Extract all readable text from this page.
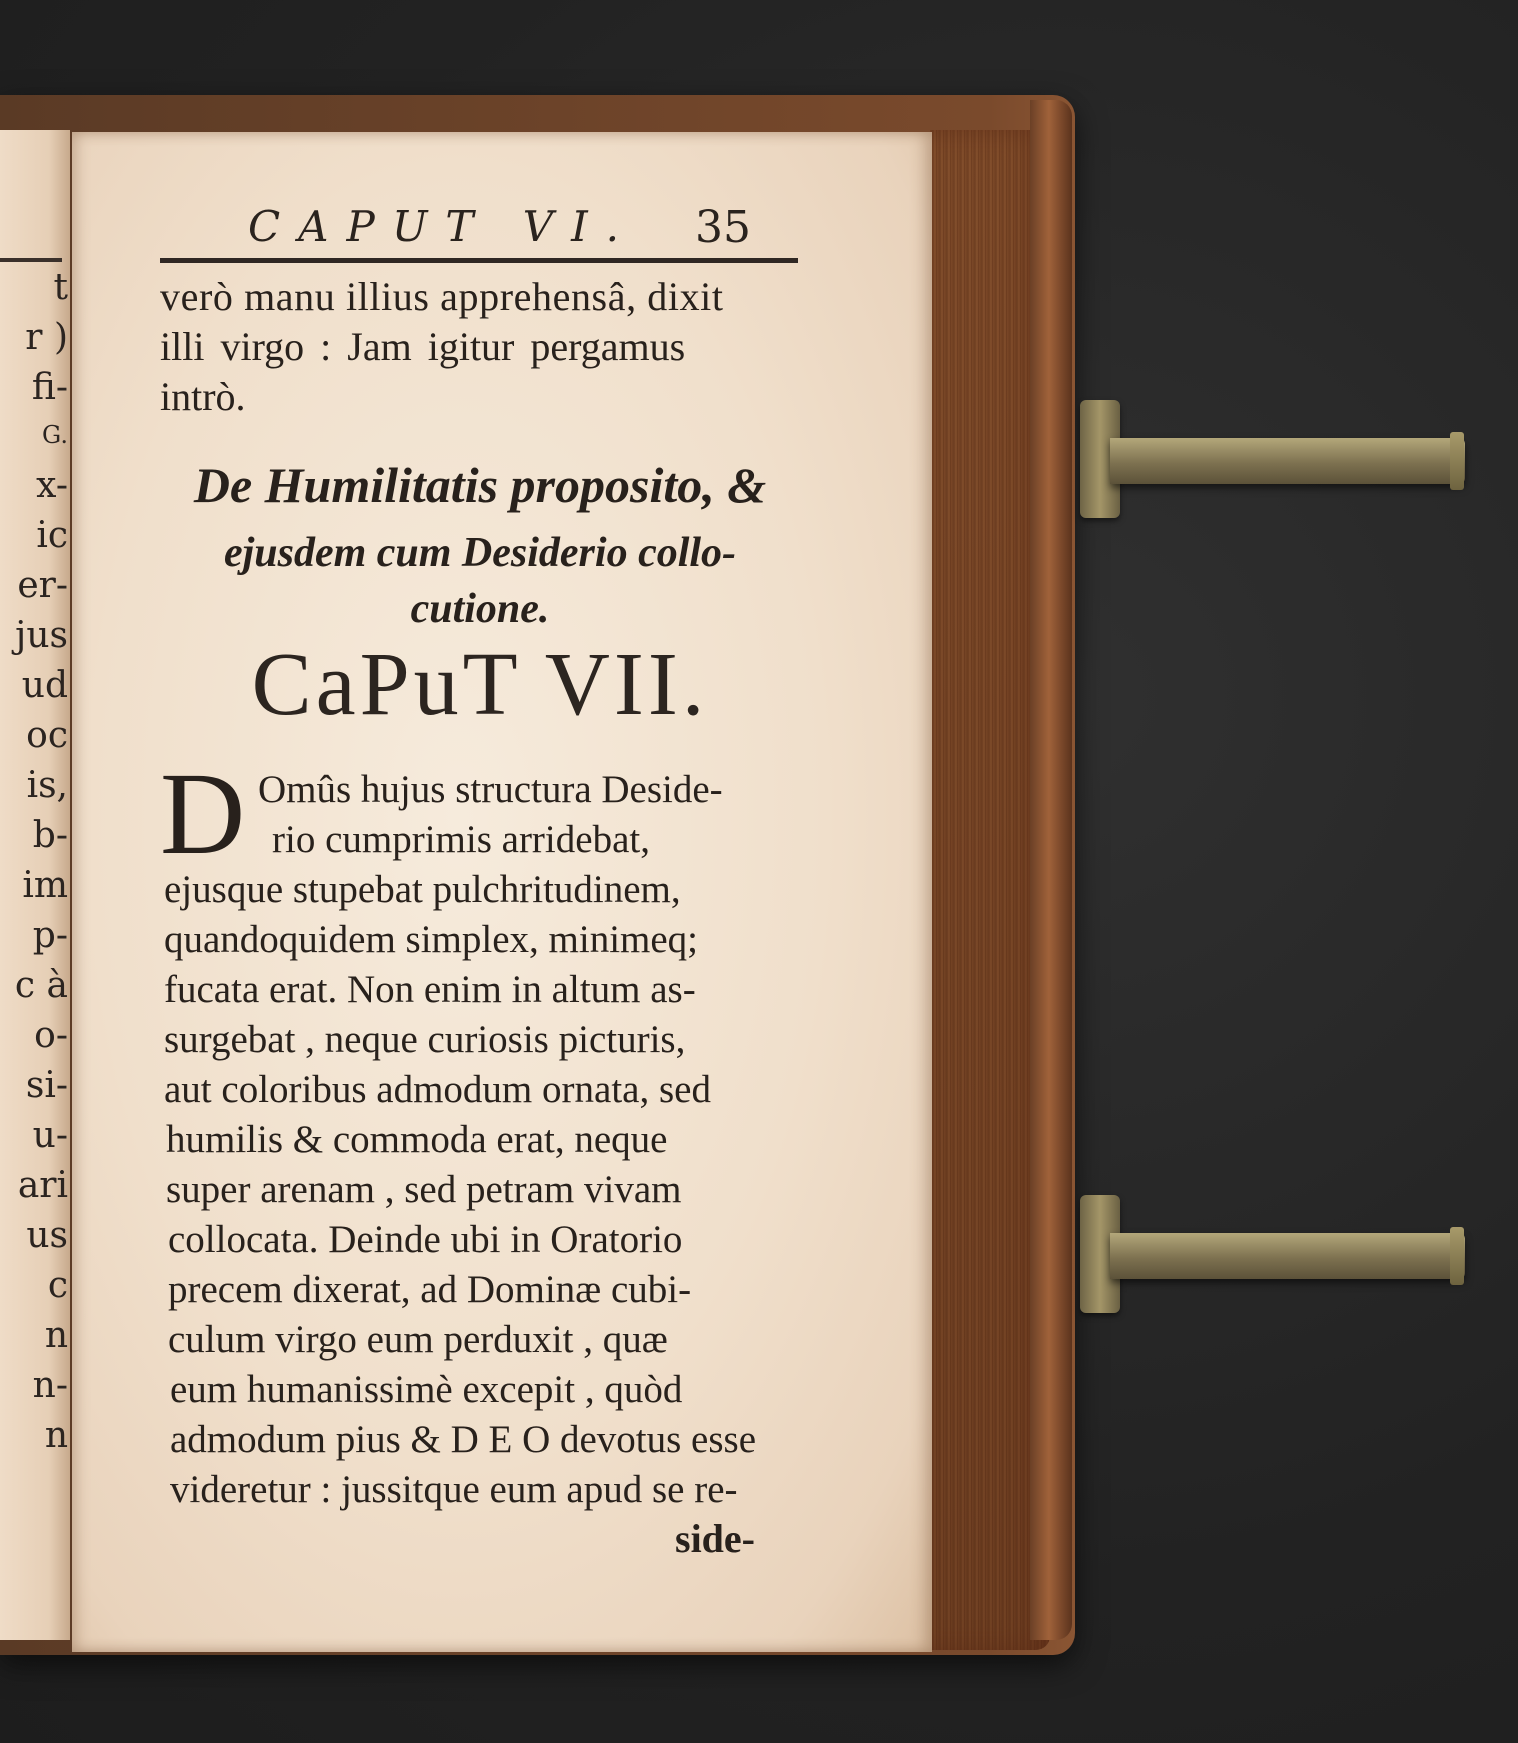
t
r )
fi-
G.
x-
ic
er-
jus
ud
oc
is,
b-
im
p-
c à
o-
si-
u-
ari
us
c
n
n-
n
CAPUT VI. 35
verò manu illius apprehensâ, dixit
illi virgo : Jam igitur pergamus
intrò.
De Humilitatis proposito, &
ejusdem cum Desiderio collo-
cutione.
CaPuT VII.
D Omûs hujus structura Deside-
rio cumprimis arridebat,
ejusque stupebat pulchritudinem,
quandoquidem simplex, minimeq;
fucata erat. Non enim in altum as-
surgebat , neque curiosis picturis,
aut coloribus admodum ornata, sed
humilis & commoda erat, neque
super arenam , sed petram vivam
collocata. Deinde ubi in Oratorio
precem dixerat, ad Dominæ cubi-
culum virgo eum perduxit , quæ
eum humanissimè excepit , quòd
admodum pius & D E O devotus esse
videretur : jussitque eum apud se re-
side-
